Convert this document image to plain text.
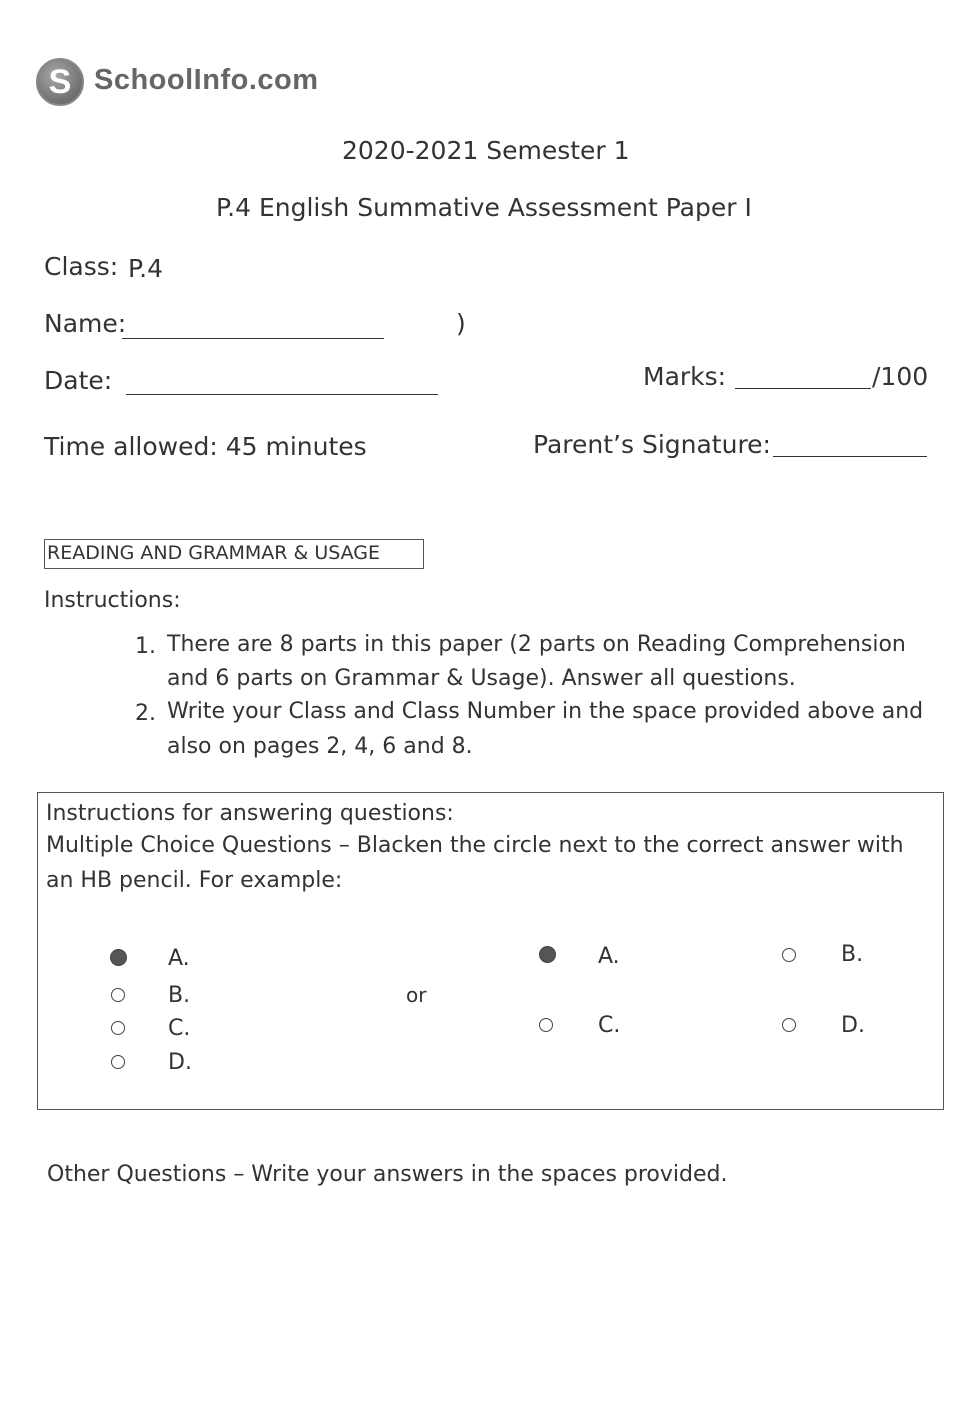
S SchoolInfo.com
2020-2021 Semester 1
P.4 English Summative Assessment Paper I
Class: P.4
Name:	)
Date:	Marks:	/100
Time allowed: 45 minutes	Parent’s Signature:
READING AND GRAMMAR & USAGE
Instructions:
1. There are 8 parts in this paper (2 parts on Reading Comprehension
and 6 parts on Grammar & Usage). Answer all questions.
2. Write your Class and Class Number in the space provided above and
also on pages 2, 4, 6 and 8.
Instructions for answering questions:
Multiple Choice Questions – Blacken the circle next to the correct answer with
an HB pencil. For example:
A.
B.
C.
D.
or
A.	B.
C.	D.
Other Questions – Write your answers in the spaces provided.
